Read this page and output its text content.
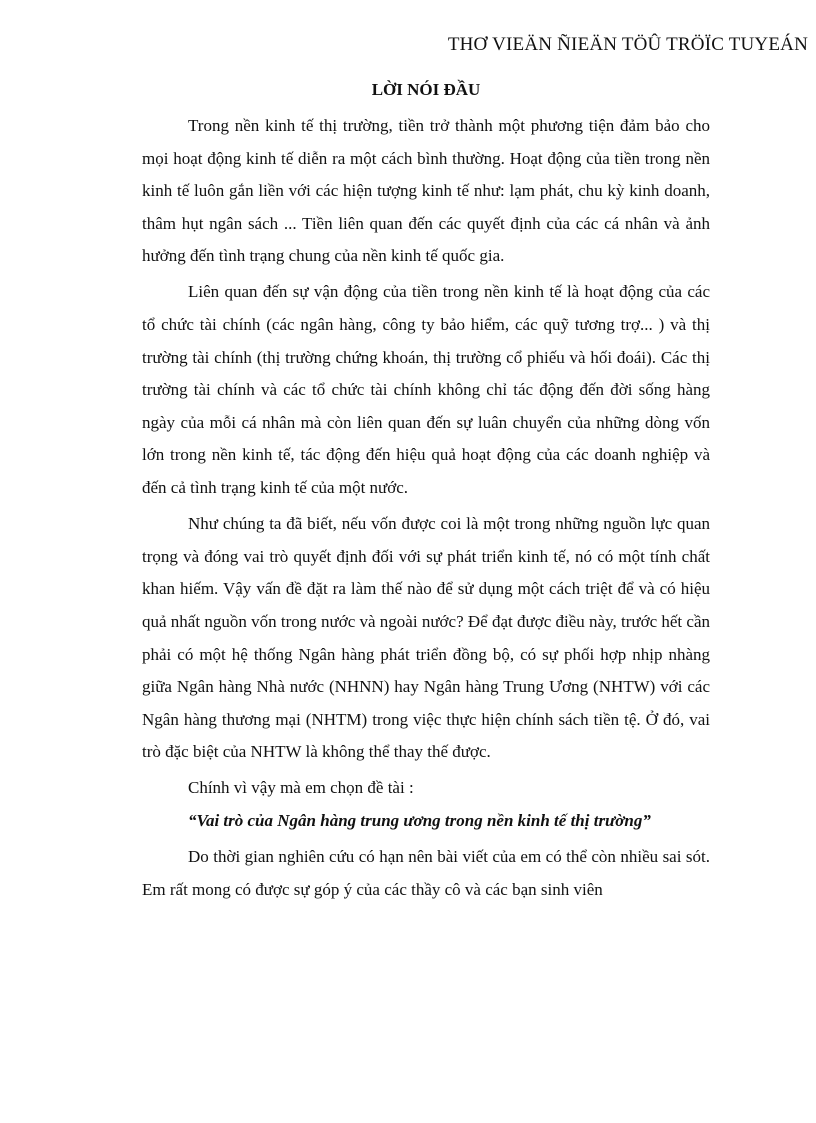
THƠ VIEÄN ÑIEÄN TÖÛ TRÖÏC TUYEÁN
LỜI NÓI ĐẦU

Trong nền kinh tế thị trường, tiền trở thành một phương tiện đảm bảo cho mọi hoạt động kinh tế diễn ra một cách bình thường. Hoạt động của tiền trong nền kinh tế luôn gắn liền với các hiện tượng kinh tế như: lạm phát, chu kỳ kinh doanh, thâm hụt ngân sách ... Tiền liên quan đến các quyết định của các cá nhân và ảnh hưởng đến tình trạng chung của nền kinh tế quốc gia.

Liên quan đến sự vận động của tiền trong nền kinh tế là hoạt động của các tổ chức tài chính (các ngân hàng, công ty bảo hiểm, các quỹ tương trợ... ) và thị trường tài chính (thị trường chứng khoán, thị trường cổ phiếu và hối đoái). Các thị trường tài chính và các tổ chức tài chính không chỉ tác động đến đời sống hàng ngày của mỗi cá nhân mà còn liên quan đến sự luân chuyển của những dòng vốn lớn trong nền kinh tế, tác động đến hiệu quả hoạt động của các doanh nghiệp và đến cả tình trạng kinh tế của một nước.

Như chúng ta đã biết, nếu vốn được coi là một trong những nguồn lực quan trọng và đóng vai trò quyết định đối với sự phát triển kinh tế, nó có một tính chất khan hiếm. Vậy vấn đề đặt ra làm thế nào để sử dụng một cách triệt để và có hiệu quả nhất nguồn vốn trong nước và ngoài nước? Để đạt được điều này, trước hết cần phải có một hệ thống Ngân hàng phát triển đồng bộ, có sự phối hợp nhịp nhàng giữa Ngân hàng Nhà nước (NHNN) hay Ngân hàng Trung Ương (NHTW) với các Ngân hàng thương mại (NHTM) trong việc thực hiện chính sách tiền tệ. Ở đó, vai trò đặc biệt của NHTW là không thể thay thế được.

Chính vì vậy mà em chọn đề tài :

“Vai trò của Ngân hàng trung ương trong nền kinh tế thị trường”

Do thời gian nghiên cứu có hạn nên bài viết của em có thể còn nhiều sai sót. Em rất mong có được sự góp ý của các thầy cô và các bạn sinh viên
